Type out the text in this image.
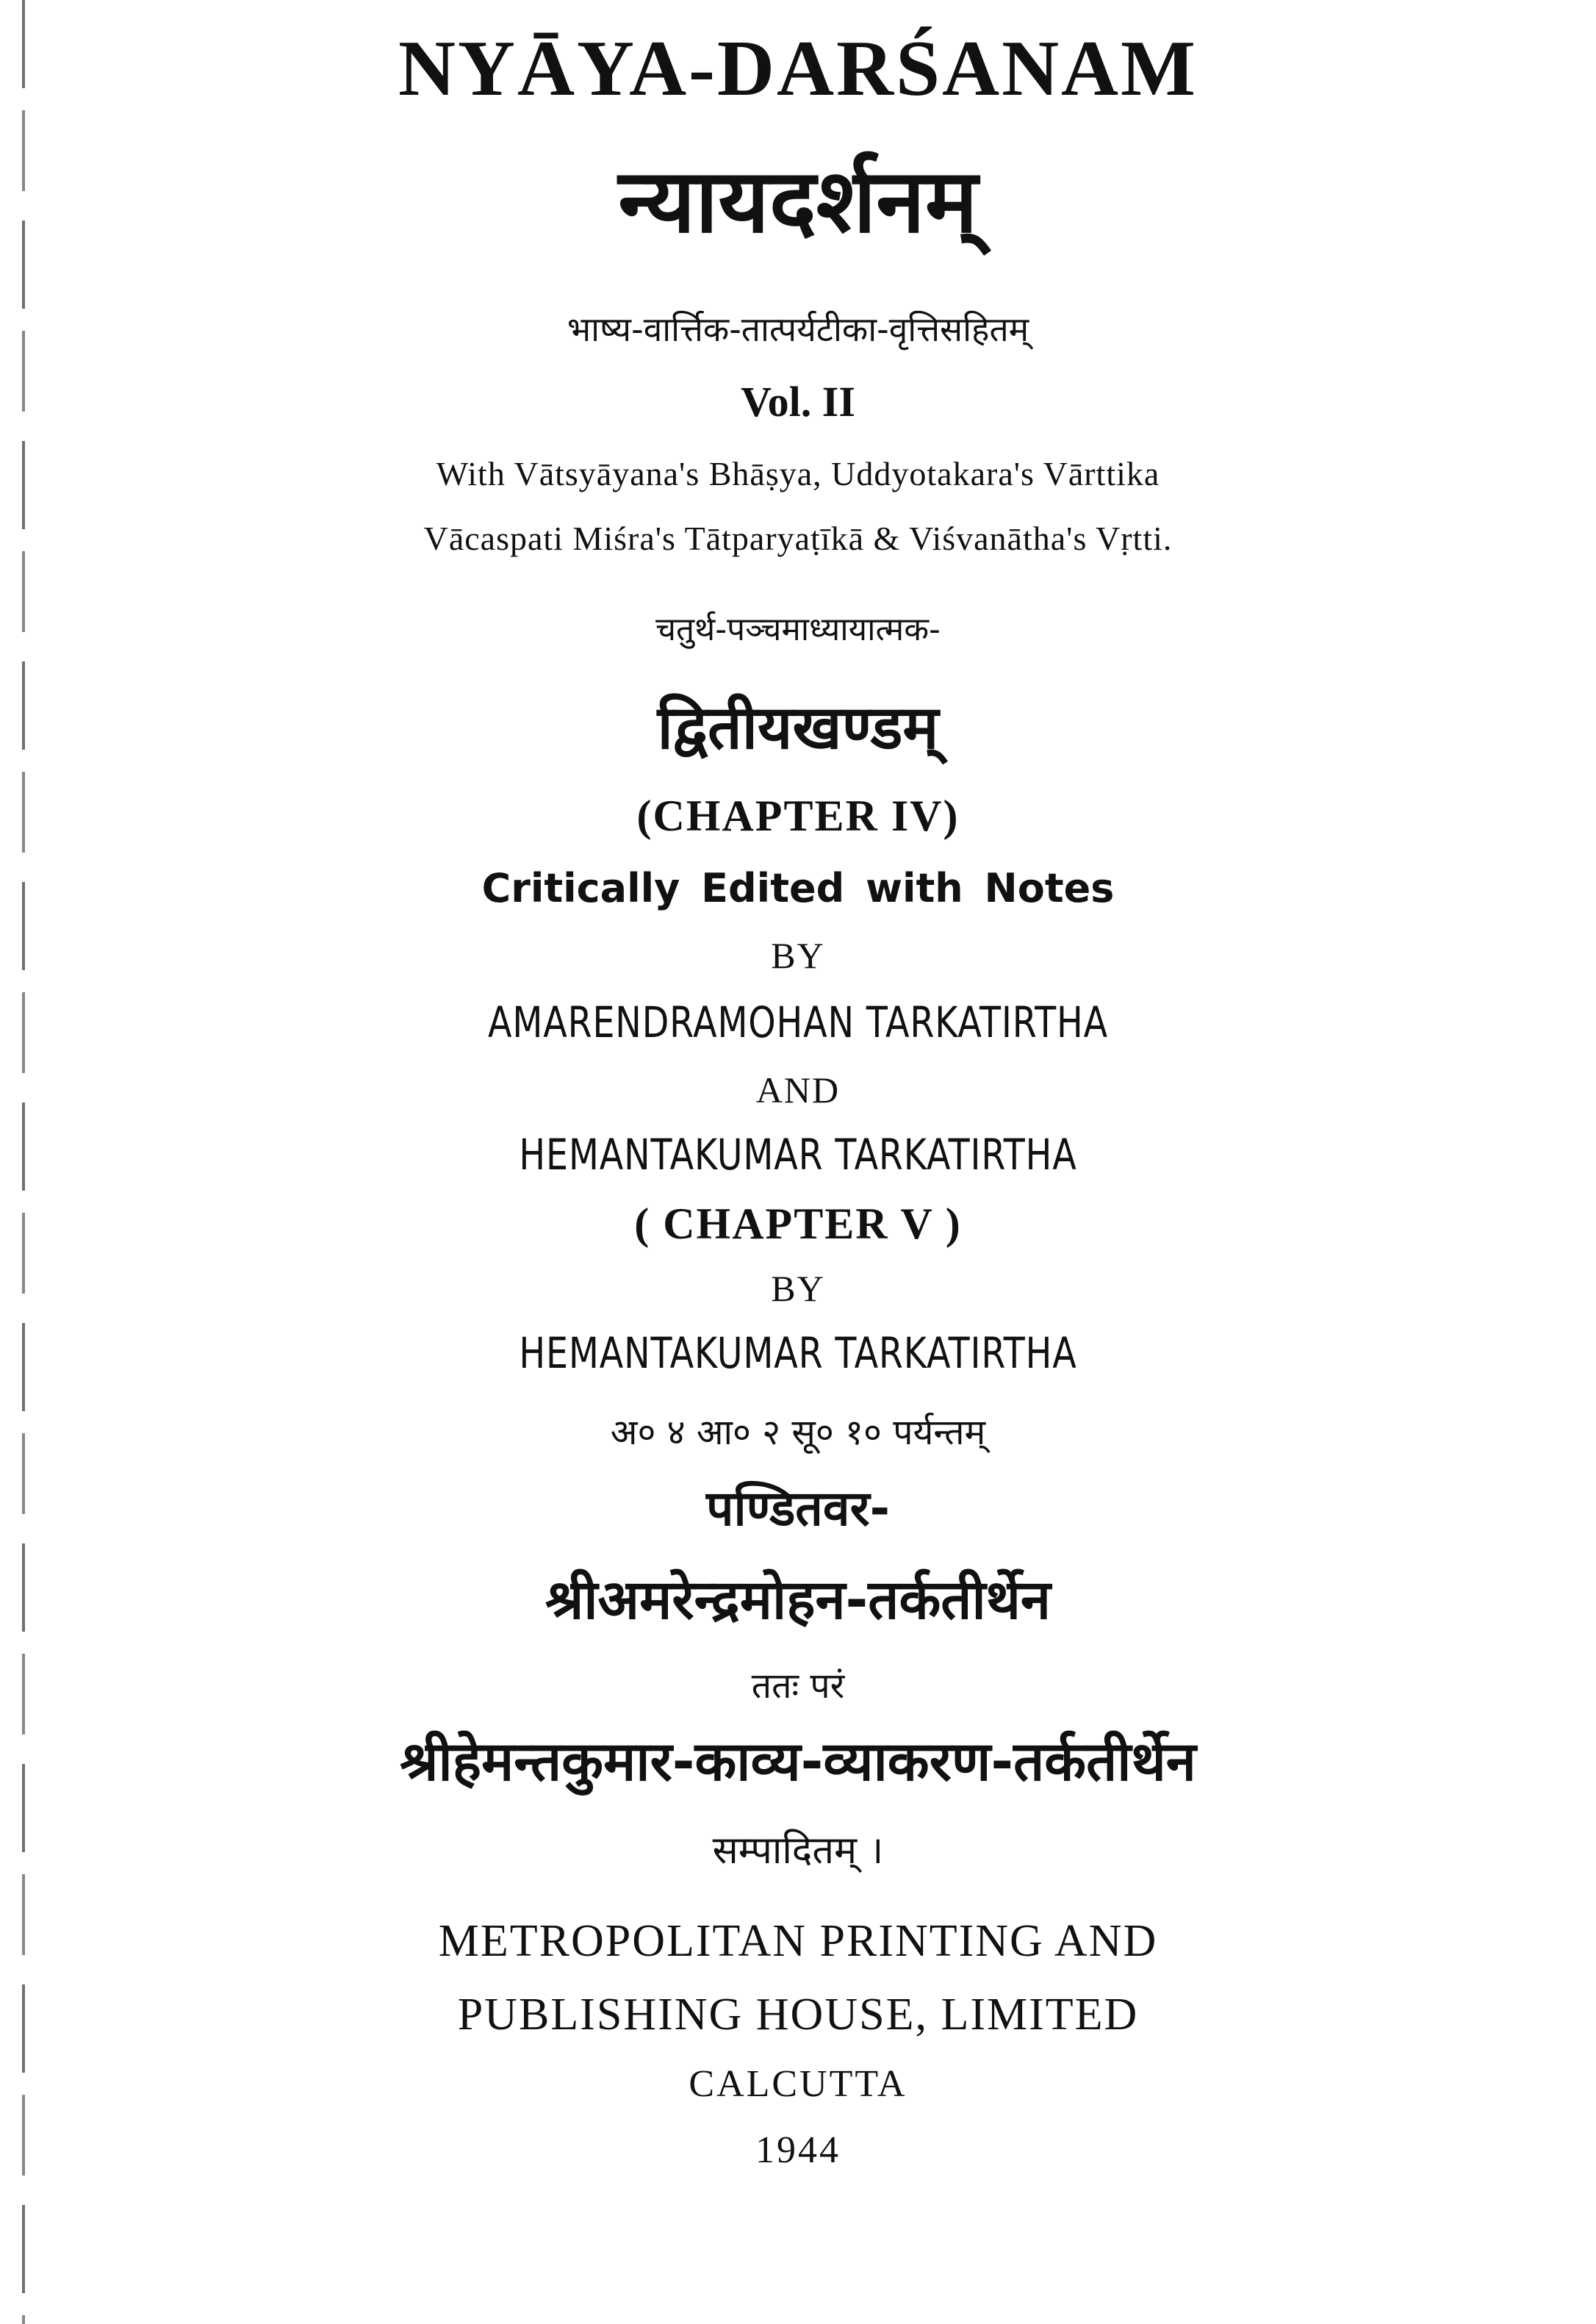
NYĀYA-DARŚANAM
न्यायदर्शनम्
भाष्य-वार्त्तिक-तात्पर्यटीका-वृत्तिसहितम्
Vol. II
With Vātsyāyana's Bhāṣya, Uddyotakara's Vārttika
Vācaspati Miśra's Tātparyaṭīkā & Viśvanātha's Vṛtti.
चतुर्थ-पञ्चमाध्यायात्मक-
द्वितीयखण्डम्
(CHAPTER IV)
Critically Edited with Notes
BY
AMARENDRAMOHAN TARKATIRTHA
AND
HEMANTAKUMAR TARKATIRTHA
( CHAPTER V )
BY
HEMANTAKUMAR TARKATIRTHA
अ० ४ आ० २ सू० १० पर्यन्तम्
पण्डितवर-
श्रीअमरेन्द्रमोहन-तर्कतीर्थेन
ततः परं
श्रीहेमन्तकुमार-काव्य-व्याकरण-तर्कतीर्थेन
सम्पादितम् ।
METROPOLITAN PRINTING AND
PUBLISHING HOUSE, LIMITED
CALCUTTA
1944
